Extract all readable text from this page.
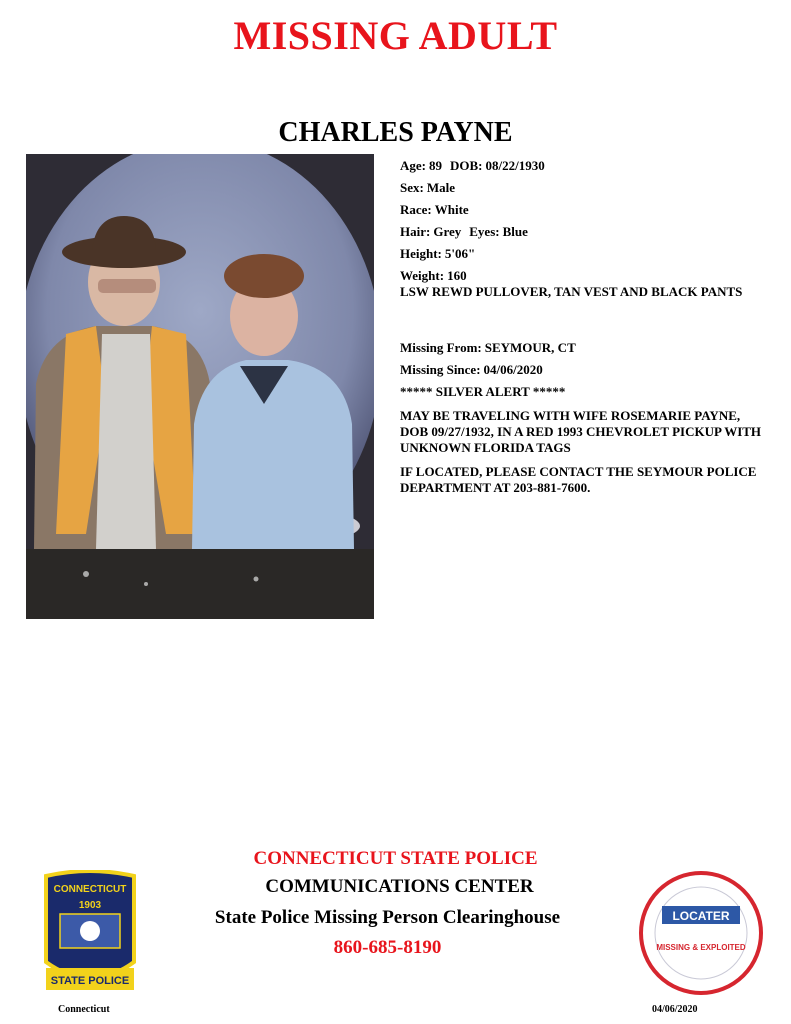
MISSING ADULT
CHARLES PAYNE
Age: 89 DOB: 08/22/1930
Sex: Male
Race: White
Hair: Grey Eyes: Blue
Height: 5'06"
Weight: 160
LSW REWD PULLOVER, TAN VEST AND BLACK PANTS
Missing From: SEYMOUR, CT
Missing Since: 04/06/2020
***** SILVER ALERT *****
MAY BE TRAVELING WITH WIFE ROSEMARIE PAYNE, DOB 09/27/1932, IN A RED 1993 CHEVROLET PICKUP WITH UNKNOWN FLORIDA TAGS
IF LOCATED, PLEASE CONTACT THE SEYMOUR POLICE DEPARTMENT AT 203-881-7600.
CONNECTICUT STATE POLICE
COMMUNICATIONS CENTER
State Police Missing Person Clearinghouse
860-685-8190
CONNECTICUT
1903
STATE POLICE
LOCATER
MISSING & EXPLOITED
Connecticut	04/06/2020
